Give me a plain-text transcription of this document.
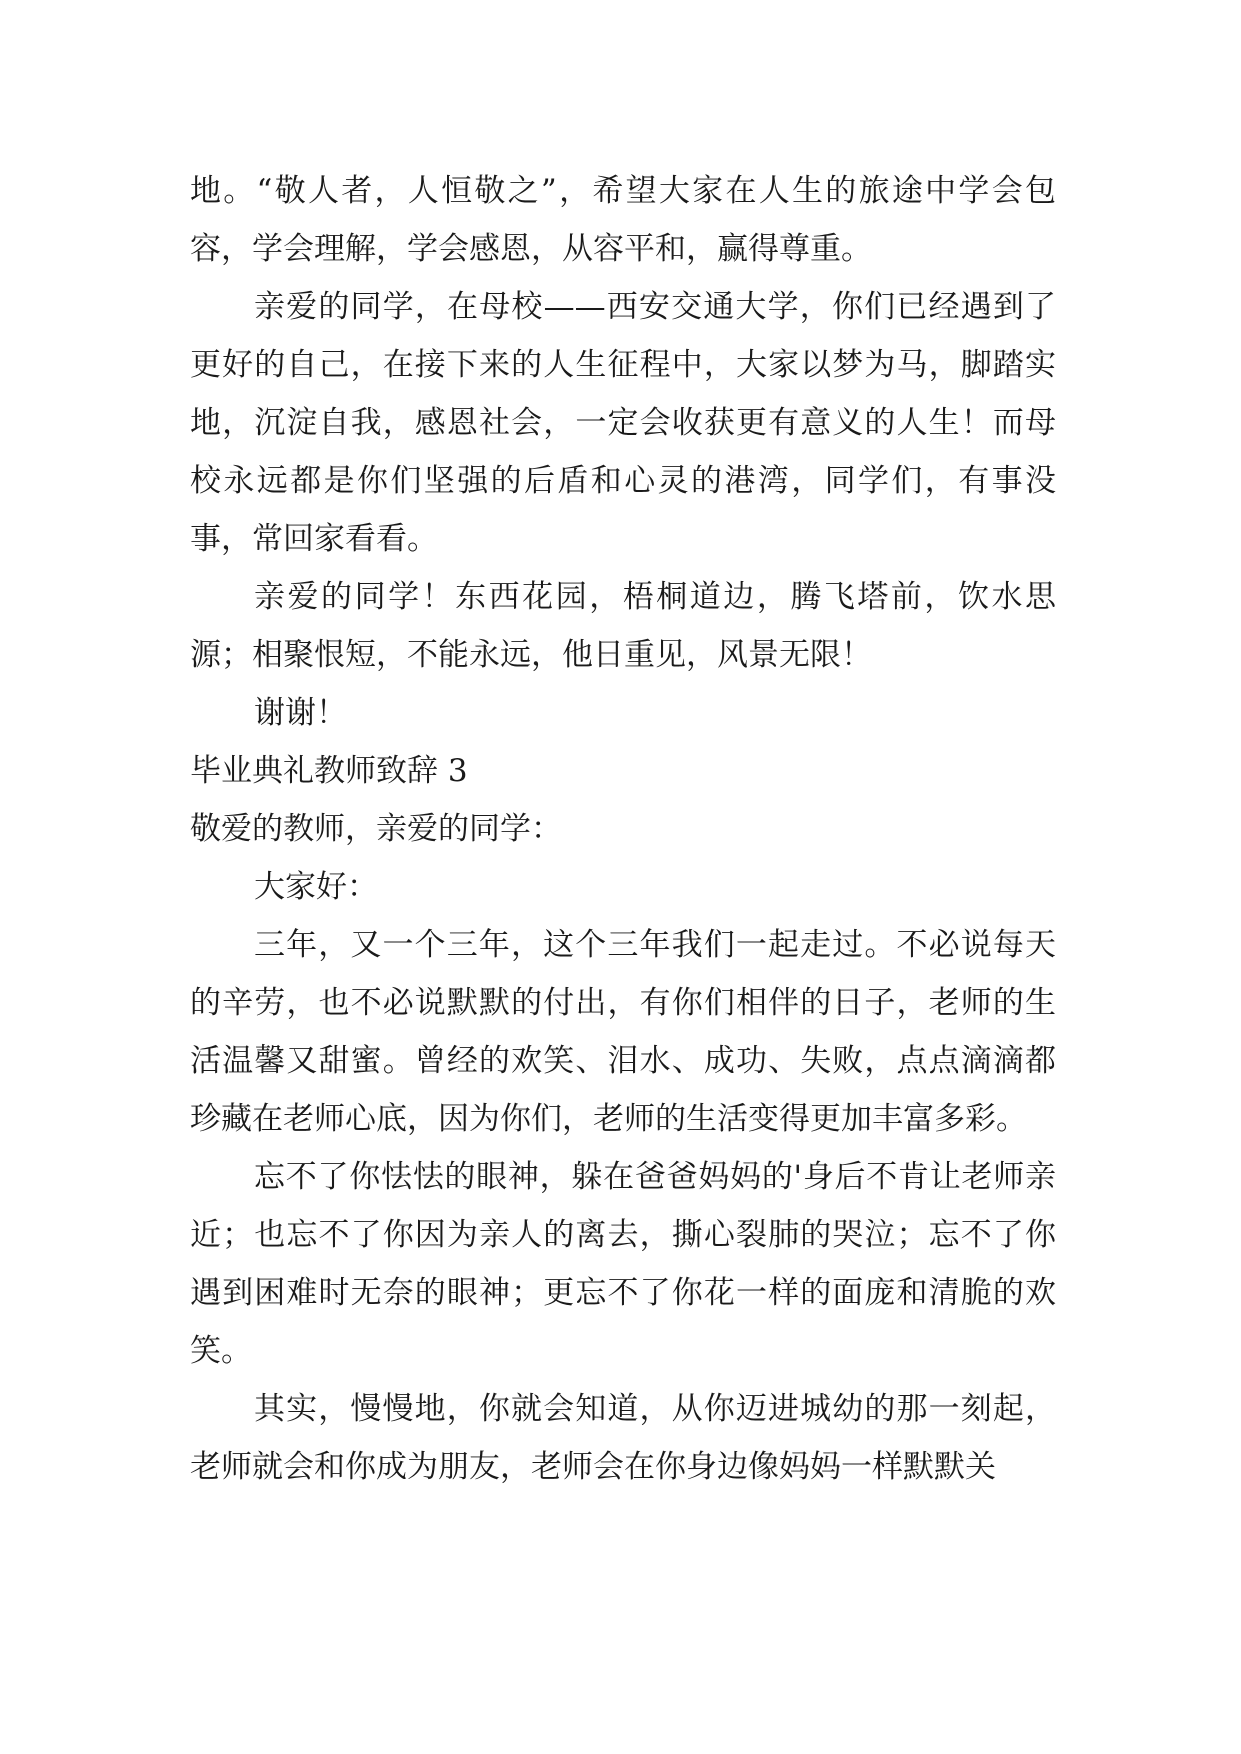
地。“敬人者，人恒敬之”，希望大家在人生的旅途中学会包容，学会理解，学会感恩，从容平和，赢得尊重。

亲爱的同学，在母校——西安交通大学，你们已经遇到了更好的自己，在接下来的人生征程中，大家以梦为马，脚踏实地，沉淀自我，感恩社会，一定会收获更有意义的人生！而母校永远都是你们坚强的后盾和心灵的港湾，同学们，有事没事，常回家看看。

亲爱的同学！东西花园，梧桐道边，腾飞塔前，饮水思源；相聚恨短，不能永远，他日重见，风景无限！

谢谢！

毕业典礼教师致辞 3

敬爱的教师，亲爱的同学：

大家好：

三年，又一个三年，这个三年我们一起走过。不必说每天的辛劳，也不必说默默的付出，有你们相伴的日子，老师的生活温馨又甜蜜。曾经的欢笑、泪水、成功、失败，点点滴滴都珍藏在老师心底，因为你们，老师的生活变得更加丰富多彩。

忘不了你怯怯的眼神，躲在爸爸妈妈的'身后不肯让老师亲近；也忘不了你因为亲人的离去，撕心裂肺的哭泣；忘不了你遇到困难时无奈的眼神；更忘不了你花一样的面庞和清脆的欢笑。

其实，慢慢地，你就会知道，从你迈进城幼的那一刻起，老师就会和你成为朋友，老师会在你身边像妈妈一样默默关
